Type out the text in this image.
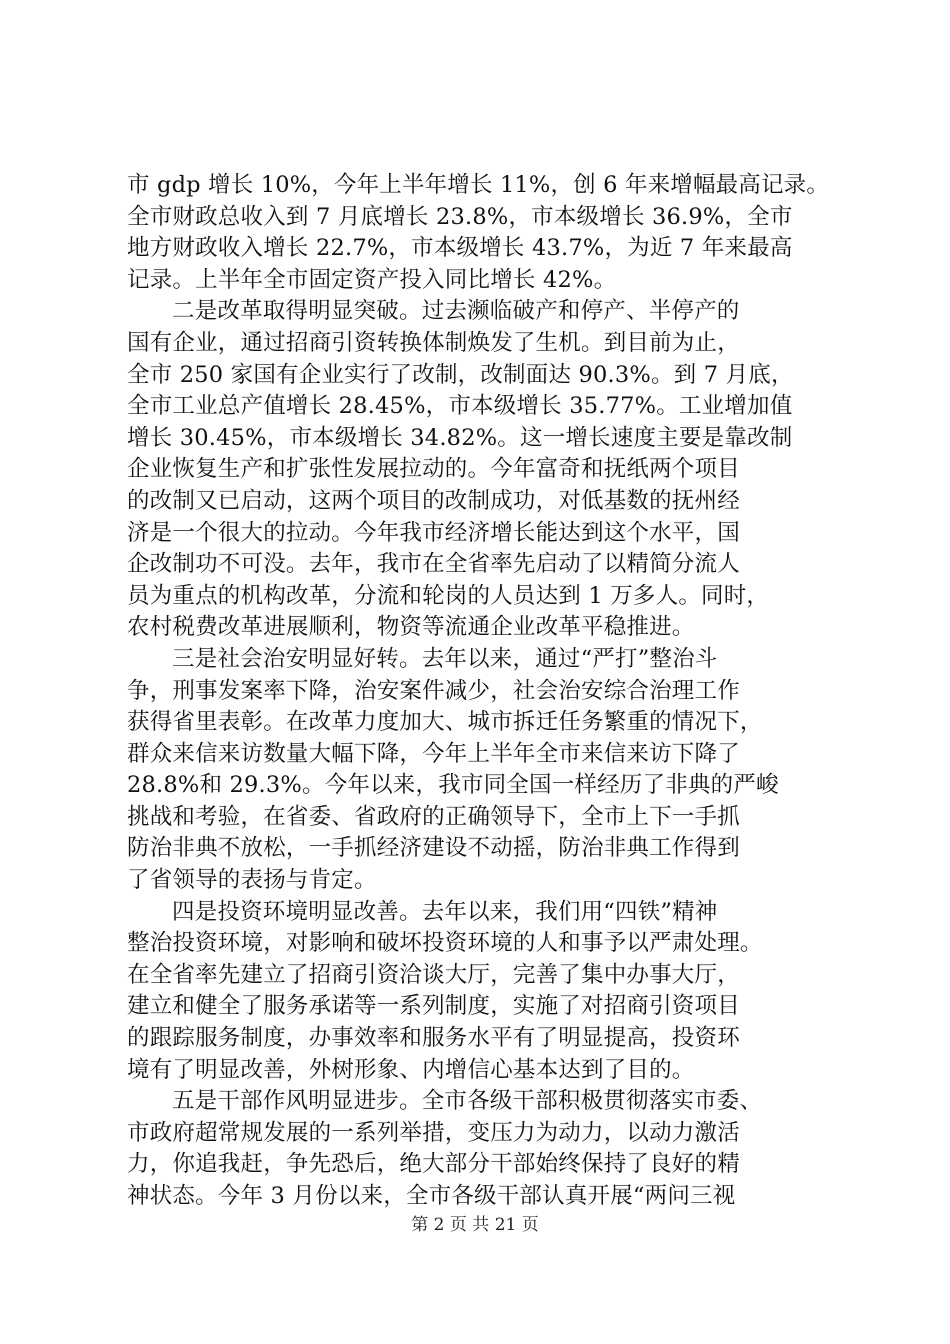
市 gdp 增长 10%，今年上半年增长 11%，创 6 年来增幅最高记录。
全市财政总收入到 7 月底增长 23.8%，市本级增长 36.9%，全市
地方财政收入增长 22.7%，市本级增长 43.7%，为近 7 年来最高
记录。上半年全市固定资产投入同比增长 42%。
二是改革取得明显突破。过去濒临破产和停产、半停产的
国有企业，通过招商引资转换体制焕发了生机。到目前为止，
全市 250 家国有企业实行了改制，改制面达 90.3%。到 7 月底，
全市工业总产值增长 28.45%，市本级增长 35.77%。工业增加值
增长 30.45%，市本级增长 34.82%。这一增长速度主要是靠改制
企业恢复生产和扩张性发展拉动的。今年富奇和抚纸两个项目
的改制又已启动，这两个项目的改制成功，对低基数的抚州经
济是一个很大的拉动。今年我市经济增长能达到这个水平，国
企改制功不可没。去年，我市在全省率先启动了以精简分流人
员为重点的机构改革，分流和轮岗的人员达到 1 万多人。同时，
农村税费改革进展顺利，物资等流通企业改革平稳推进。
三是社会治安明显好转。去年以来，通过“严打”整治斗
争，刑事发案率下降，治安案件减少，社会治安综合治理工作
获得省里表彰。在改革力度加大、城市拆迁任务繁重的情况下，
群众来信来访数量大幅下降，今年上半年全市来信来访下降了
28.8%和 29.3%。今年以来，我市同全国一样经历了非典的严峻
挑战和考验，在省委、省政府的正确领导下，全市上下一手抓
防治非典不放松，一手抓经济建设不动摇，防治非典工作得到
了省领导的表扬与肯定。
四是投资环境明显改善。去年以来，我们用“四铁”精神
整治投资环境，对影响和破坏投资环境的人和事予以严肃处理。
在全省率先建立了招商引资洽谈大厅，完善了集中办事大厅，
建立和健全了服务承诺等一系列制度，实施了对招商引资项目
的跟踪服务制度，办事效率和服务水平有了明显提高，投资环
境有了明显改善，外树形象、内增信心基本达到了目的。
五是干部作风明显进步。全市各级干部积极贯彻落实市委、
市政府超常规发展的一系列举措，变压力为动力，以动力激活
力，你追我赶，争先恐后，绝大部分干部始终保持了良好的精
神状态。今年 3 月份以来，全市各级干部认真开展“两问三视

第 2 页 共 21 页
